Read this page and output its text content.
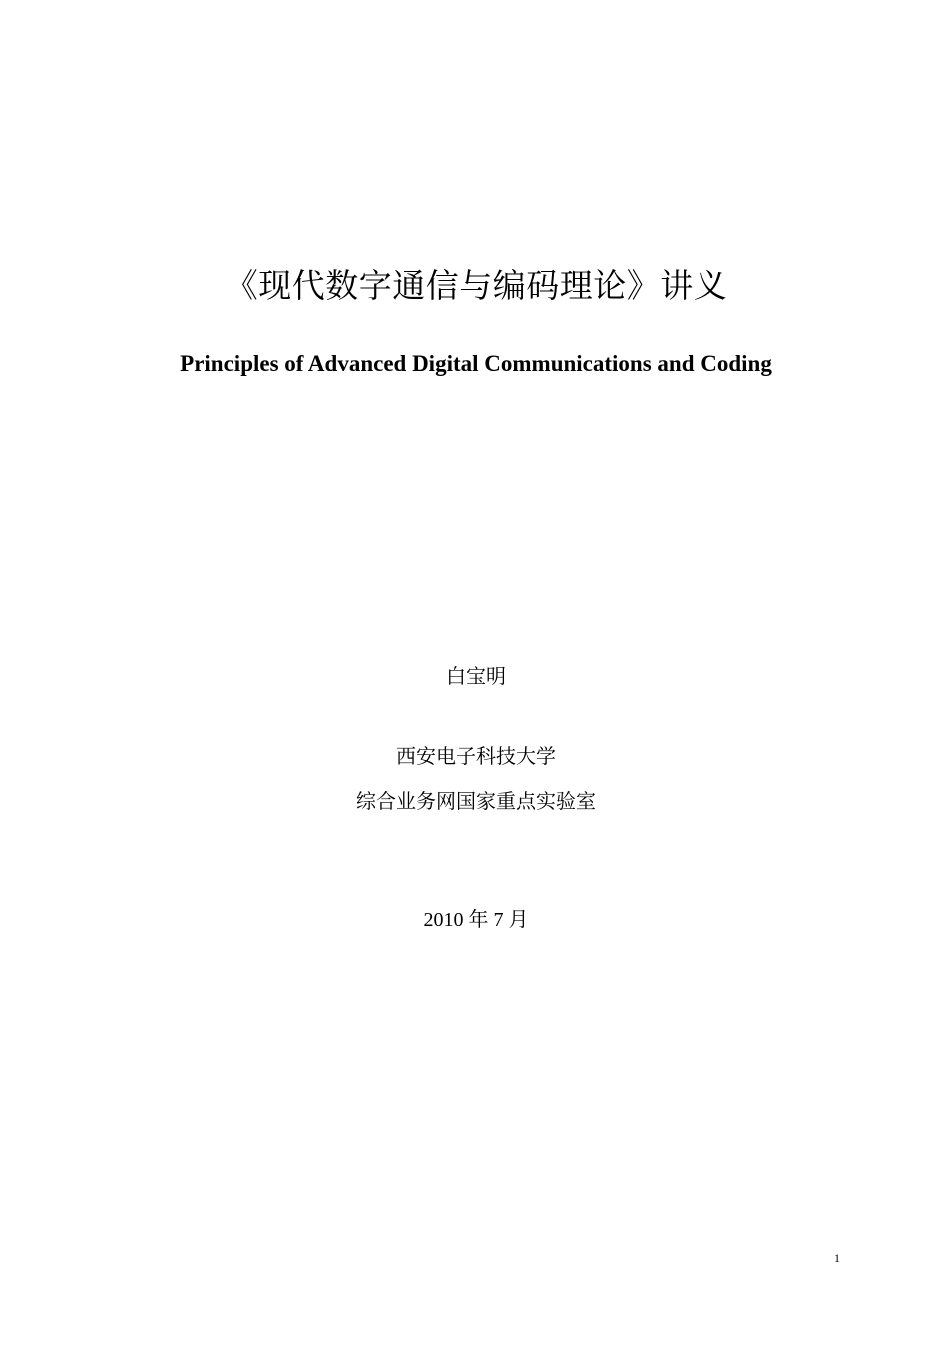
《现代数字通信与编码理论》讲义
Principles of Advanced Digital Communications and Coding
白宝明
西安电子科技大学
综合业务网国家重点实验室
2010 年 7 月
1
